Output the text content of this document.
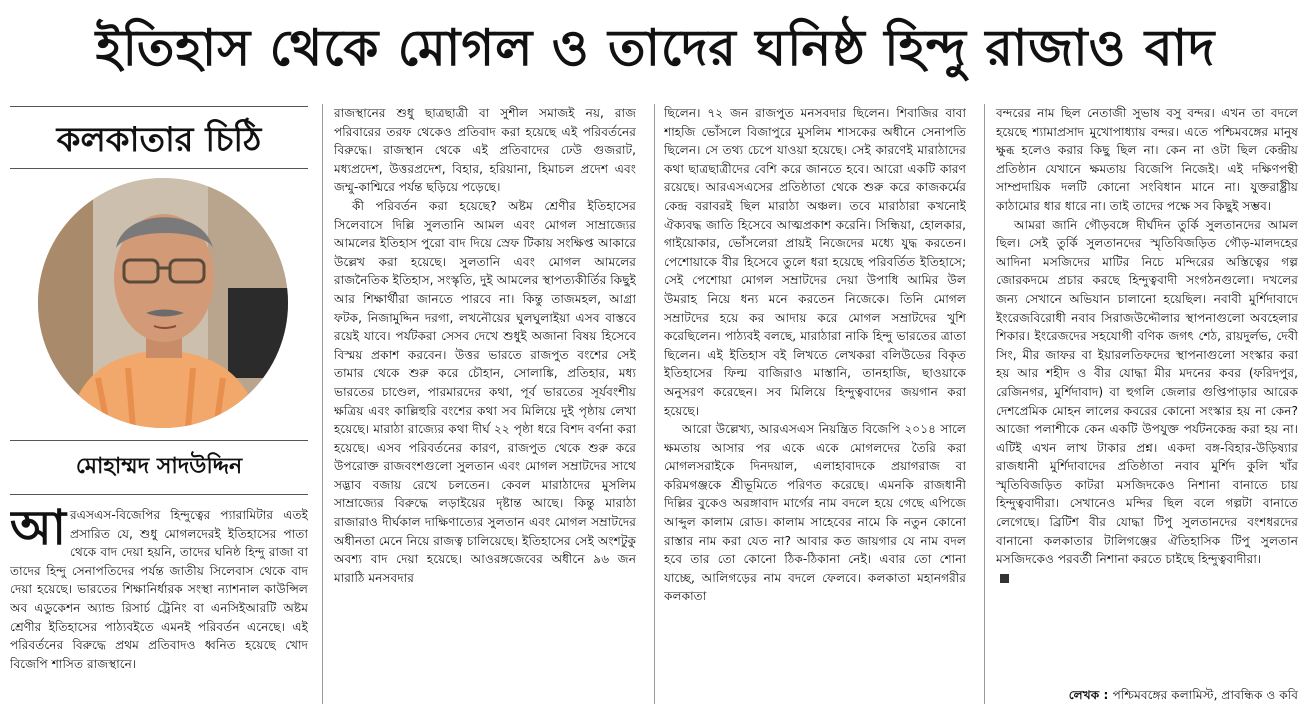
ইতিহাস থেকে মোগল ও তাদের ঘনিষ্ঠ হিন্দু রাজাও বাদ
কলকাতার চিঠি
মোহাম্মদ সাদউদ্দিন
আরএসএস-বিজেপির হিন্দুত্বের প্যারামিটার এতই প্রসারিত যে, শুধু মোগলদেরই ইতিহাসের পাতা থেকে বাদ দেয়া হয়নি, তাদের ঘনিষ্ঠ হিন্দু রাজা বা তাদের হিন্দু সেনাপতিদের পর্যন্ত জাতীয় সিলেবাস থেকে বাদ দেয়া হয়েছে। ভারতের শিক্ষানির্ধারক সংস্থা ন্যাশনাল কাউন্সিল অব এডুকেশন অ্যান্ড রিসার্চ ট্রেনিং বা এনসিইআরটি অষ্টম শ্রেণীর ইতিহাসের পাঠ্যবইতে এমনই পরিবর্তন এনেছে। এই পরিবর্তনের বিরুদ্ধে প্রথম প্রতিবাদও ধ্বনিত হয়েছে খোদ বিজেপি শাসিত রাজস্থানে।

রাজস্থানের শুধু ছাত্রছাত্রী বা সুশীল সমাজই নয়, রাজ পরিবারের তরফ থেকেও প্রতিবাদ করা হয়েছে এই পরিবর্তনের বিরুদ্ধে। রাজস্থান থেকে এই প্রতিবাদের ঢেউ গুজরাট, মধ্যপ্রদেশ, উত্তরপ্রদেশ, বিহার, হরিয়ানা, হিমাচল প্রদেশ এবং জম্মু-কাশ্মিরে পর্যন্ত ছড়িয়ে পড়েছে।

কী পরিবর্তন করা হয়েছে? অষ্টম শ্রেণীর ইতিহাসের সিলেবাসে দিল্লি সুলতানি আমল এবং মোগল সাম্রাজ্যের আমলের ইতিহাস পুরো বাদ দিয়ে স্রেফ টিকায় সংক্ষিপ্ত আকারে উল্লেখ করা হয়েছে। সুলতানি এবং মোগল আমলের রাজনৈতিক ইতিহাস, সংস্কৃতি, দুই আমলের স্থাপত্যকীর্তির কিছুই আর শিক্ষার্থীরা জানতে পারবে না। কিন্তু তাজমহল, আগ্রা ফটক, নিজামুদ্দিন দরগা, লখনৌয়ের ঘুলঘুলাইয়া এসব বাস্তবে রয়েই যাবে। পর্যটকরা সেসব দেখে শুধুই অজানা বিষয় হিসেবে বিস্ময় প্রকাশ করবেন। উত্তর ভারতে রাজপুত বংশের সেই তামার থেকে শুরু করে চৌহান, সোলাঙ্কি, প্রতিহার, মধ্য ভারতের চাণ্ডেল, পারমারদের কথা, পূর্ব ভারতের সূর্যবংশীয় ক্ষত্রিয় এবং কাল্লিহুরি বংশের কথা সব মিলিয়ে দুই পৃষ্ঠায় লেখা হয়েছে। মারাঠা রাজ্যের কথা দীর্ঘ ২২ পৃষ্ঠা ধরে বিশদ বর্ণনা করা হয়েছে। এসব পরিবর্তনের কারণ, রাজপুত থেকে শুরু করে উপরোক্ত রাজবংশগুলো সুলতান এবং মোগল সম্রাটদের সাথে সদ্ভাব বজায় রেখে চলতেন। কেবল মারাঠাদের মুসলিম সাম্রাজ্যের বিরুদ্ধে লড়াইয়ের দৃষ্টান্ত আছে। কিন্তু মারাঠা রাজারাও দীর্ঘকাল দাক্ষিণাত্যের সুলতান এবং মোগল সম্রাটদের অধীনতা মেনে নিয়ে রাজত্ব চালিয়েছে। ইতিহাসের সেই অংশটুকু অবশ্য বাদ দেয়া হয়েছে। আওরঙ্গজেবের অধীনে ৯৬ জন মারাঠি মনসবদার

ছিলেন। ৭২ জন রাজপুত মনসবদার ছিলেন। শিবাজির বাবা শাহজি ভোঁসলে বিজাপুরে মুসলিম শাসকের অধীনে সেনাপতি ছিলেন। সে তথ্য চেপে যাওয়া হয়েছে। সেই কারণেই মারাঠাদের কথা ছাত্রছাত্রীদের বেশি করে জানতে হবে। আরো একটি কারণ রয়েছে। আরএসএসের প্রতিষ্ঠাতা থেকে শুরু করে কাজকর্মের কেন্দ্র বরাবরই ছিল মারাঠা অঞ্চল। তবে মারাঠারা কখনোই ঐক্যবদ্ধ জাতি হিসেবে আত্মপ্রকাশ করেনি। সিন্ধিয়া, হোলকার, গাইয়োকার, ভোঁসলেরা প্রায়ই নিজেদের মধ্যে যুদ্ধ করতেন। পেশোয়াকে বীর হিসেবে তুলে ধরা হয়েছে পরিবর্তিত ইতিহাসে; সেই পেশোয়া মোগল সম্রাটদের দেয়া উপাধি আমির উল উমরাহ নিয়ে ধন্য মনে করতেন নিজেকে। তিনি মোগল সম্রাটদের হয়ে কর আদায় করে মোগল সম্রাটদের খুশি করেছিলেন। পাঠ্যবই বলছে, মারাঠারা নাকি হিন্দু ভারতের ত্রাতা ছিলেন। এই ইতিহাস বই লিখতে লেখকরা বলিউডের বিকৃত ইতিহাসের ফিল্ম বাজিরাও মাস্তানি, তানহাজি, ছাওয়াকে অনুসরণ করেছেন। সব মিলিয়ে হিন্দুত্ববাদের জয়গান করা হয়েছে।

আরো উল্লেখ্য, আরএসএস নিয়ন্ত্রিত বিজেপি ২০১৪ সালে ক্ষমতায় আসার পর একে একে মোগলদের তৈরি করা মোগলসরাইকে দিনদয়াল, এলাহাবাদকে প্রয়াগরাজ বা করিমগঞ্জকে শ্রীভূমিতে পরিণত করেছে। এমনকি রাজধানী দিল্লির বুকেও অরঙ্গাবাদ মার্গের নাম বদলে হয়ে গেছে এপিজে আব্দুল কালাম রোড। কালাম সাহেবের নামে কি নতুন কোনো রাস্তার নাম করা যেত না? আবার কত জায়গার যে নাম বদল হবে তার তো কোনো ঠিক-ঠিকানা নেই। এবার তো শোনা যাচ্ছে, আলিগড়ের নাম বদলে ফেলবে। কলকাতা মহানগরীর কলকাতা

বন্দরের নাম ছিল নেতাজী সুভাষ বসু বন্দর। এখন তা বদলে হয়েছে শ্যামাপ্রসাদ মুখোপাধ্যায় বন্দর। এতে পশ্চিমবঙ্গের মানুষ ক্ষুব্ধ হলেও করার কিছু ছিল না। কেন না ওটা ছিল কেন্দ্রীয় প্রতিষ্ঠান যেখানে ক্ষমতায় বিজেপি নিজেই। এই দক্ষিণপন্থী সাম্প্রদায়িক দলটি কোনো সংবিধান মানে না। যুক্তরাষ্ট্রীয় কাঠামোর ধার ধারে না। তাই তাদের পক্ষে সব কিছুই সম্ভব।

আমরা জানি গৌড়বঙ্গে দীর্ঘদিন তুর্কি সুলতানদের আমল ছিল। সেই তুর্কি সুলতানদের স্মৃতিবিজড়িত গৌড়-মালদহের আদিনা মসজিদের মাটির নিচে মন্দিরের অস্তিত্বের গল্প জোরকদমে প্রচার করছে হিন্দুত্ববাদী সংগঠনগুলো। দখলের জন্য সেখানে অভিযান চালানো হয়েছিল। নবাবী মুর্শিদাবাদে ইংরেজবিরোধী নবাব সিরাজউদ্দৌলার স্থাপনাগুলো অবহেলার শিকার। ইংরেজদের সহযোগী বণিক জগৎ শেঠ, রায়দুর্লভ, দেবী সিং, মীর জাফর বা ইয়ারলতিফদের স্থাপনাগুলো সংস্কার করা হয় আর শহীদ ও বীর যোদ্ধা মীর মদনের কবর (ফরিদপুর, রেজিনগর, মুর্শিদাবাদ) বা হুগলি জেলার গুপ্তিপাড়ার আরেক দেশপ্রেমিক মোহন লালের কবরের কোনো সংস্কার হয় না কেন? আজো পলাশীকে কেন একটি উপযুক্ত পর্যটনকেন্দ্র করা হয় না। এটিই এখন লাখ টাকার প্রশ্ন। একদা বঙ্গ-বিহার-উড়িষ্যার রাজধানী মুর্শিদাবাদের প্রতিষ্ঠাতা নবাব মুর্শিদ কুলি খাঁর স্মৃতিবিজড়িত কাটরা মসজিদকেও নিশানা বানাতে চায় হিন্দুত্ববাদীরা। সেখানেও মন্দির ছিল বলে গল্পটা বানাতে লেগেছে। ব্রিটিশ বীর যোদ্ধা টিপু সুলতানদের বংশধরদের বানানো কলকাতার টালিগঞ্জের ঐতিহাসিক টিপু সুলতান মসজিদকেও পরবর্তী নিশানা করতে চাইছে হিন্দুত্ববাদীরা।

লেখক : পশ্চিমবঙ্গের কলামিস্ট, প্রাবন্ধিক ও কবি
